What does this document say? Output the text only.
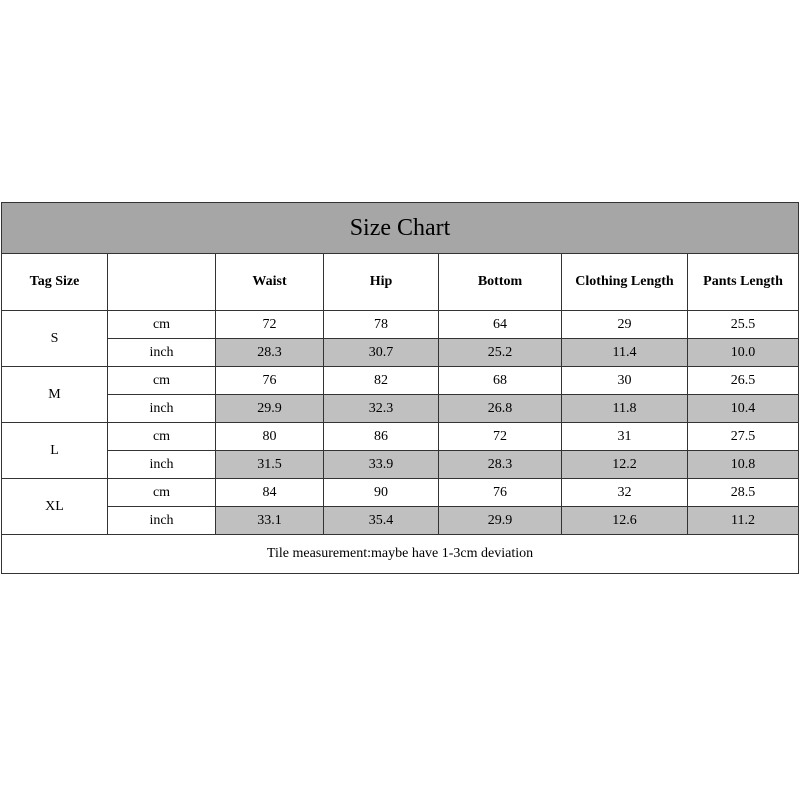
Size Chart						
Tag Size		Waist	Hip	Bottom	Clothing Length	Pants Length
S	cm	72	78	64	29	25.5
	inch	28.3	30.7	25.2	11.4	10.0
M	cm	76	82	68	30	26.5
	inch	29.9	32.3	26.8	11.8	10.4
L	cm	80	86	72	31	27.5
	inch	31.5	33.9	28.3	12.2	10.8
XL	cm	84	90	76	32	28.5
	inch	33.1	35.4	29.9	12.6	11.2
Tile measurement:maybe have 1-3cm deviation						
